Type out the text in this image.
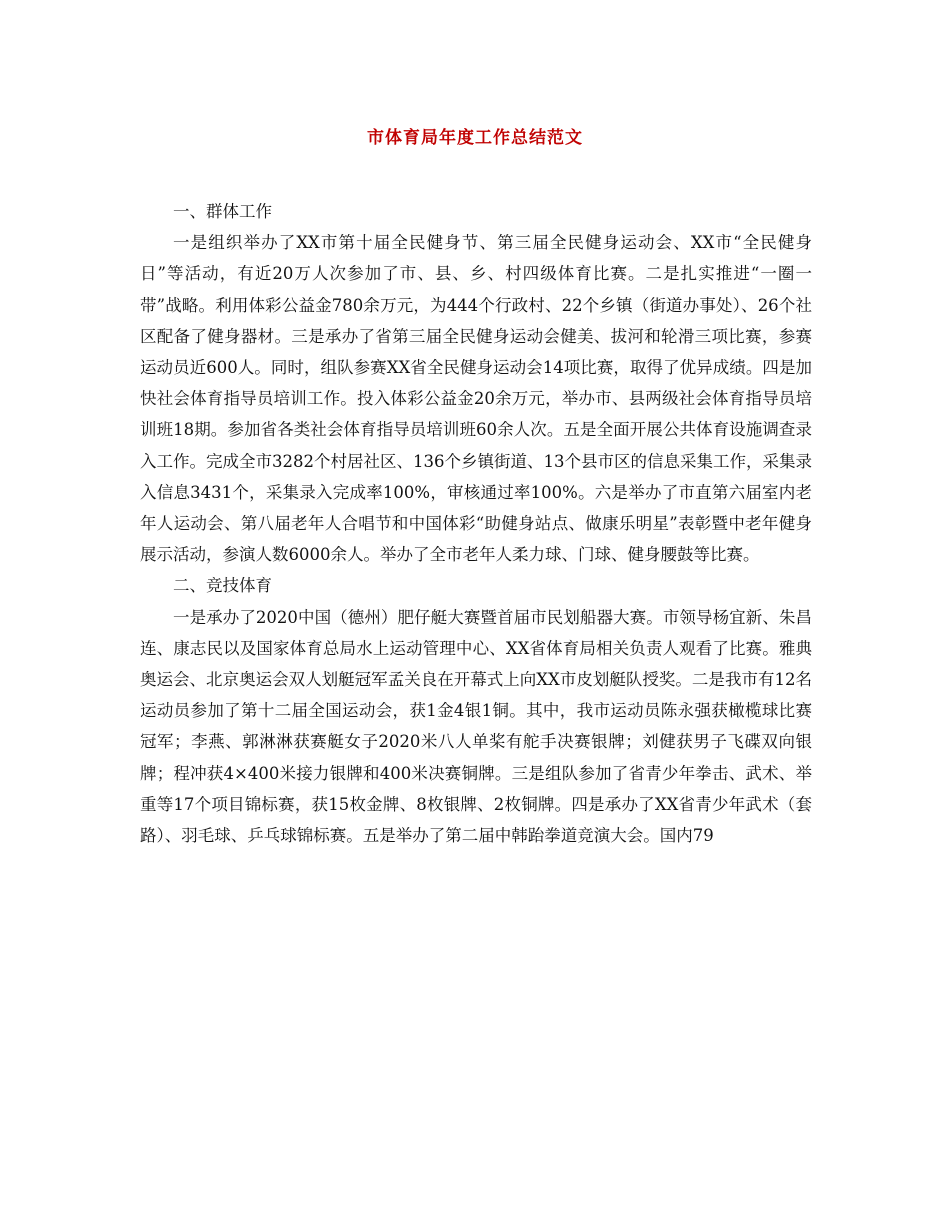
市体育局年度工作总结范文

一、群体工作

一是组织举办了XX市第十届全民健身节、第三届全民健身运动会、XX市“全民健身日”等活动，有近20万人次参加了市、县、乡、村四级体育比赛。二是扎实推进“一圈一带”战略。利用体彩公益金780余万元，为444个行政村、22个乡镇（街道办事处）、26个社区配备了健身器材。三是承办了省第三届全民健身运动会健美、拔河和轮滑三项比赛，参赛运动员近600人。同时，组队参赛XX省全民健身运动会14项比赛，取得了优异成绩。四是加快社会体育指导员培训工作。投入体彩公益金20余万元，举办市、县两级社会体育指导员培训班18期。参加省各类社会体育指导员培训班60余人次。五是全面开展公共体育设施调查录入工作。完成全市3282个村居社区、136个乡镇街道、13个县市区的信息采集工作，采集录入信息3431个，采集录入完成率100%，审核通过率100%。六是举办了市直第六届室内老年人运动会、第八届老年人合唱节和中国体彩“助健身站点、做康乐明星”表彰暨中老年健身展示活动，参演人数6000余人。举办了全市老年人柔力球、门球、健身腰鼓等比赛。

二、竞技体育

一是承办了2020中国（德州）肥仔艇大赛暨首届市民划船器大赛。市领导杨宜新、朱昌连、康志民以及国家体育总局水上运动管理中心、XX省体育局相关负责人观看了比赛。雅典奥运会、北京奥运会双人划艇冠军孟关良在开幕式上向XX市皮划艇队授奖。二是我市有12名运动员参加了第十二届全国运动会，获1金4银1铜。其中，我市运动员陈永强获橄榄球比赛冠军；李燕、郭淋淋获赛艇女子2020米八人单桨有舵手决赛银牌；刘健获男子飞碟双向银牌；程冲获4×400米接力银牌和400米决赛铜牌。三是组队参加了省青少年拳击、武术、举重等17个项目锦标赛，获15枚金牌、8枚银牌、2枚铜牌。四是承办了XX省青少年武术（套路）、羽毛球、乒乓球锦标赛。五是举办了第二届中韩跆拳道竞演大会。国内79
